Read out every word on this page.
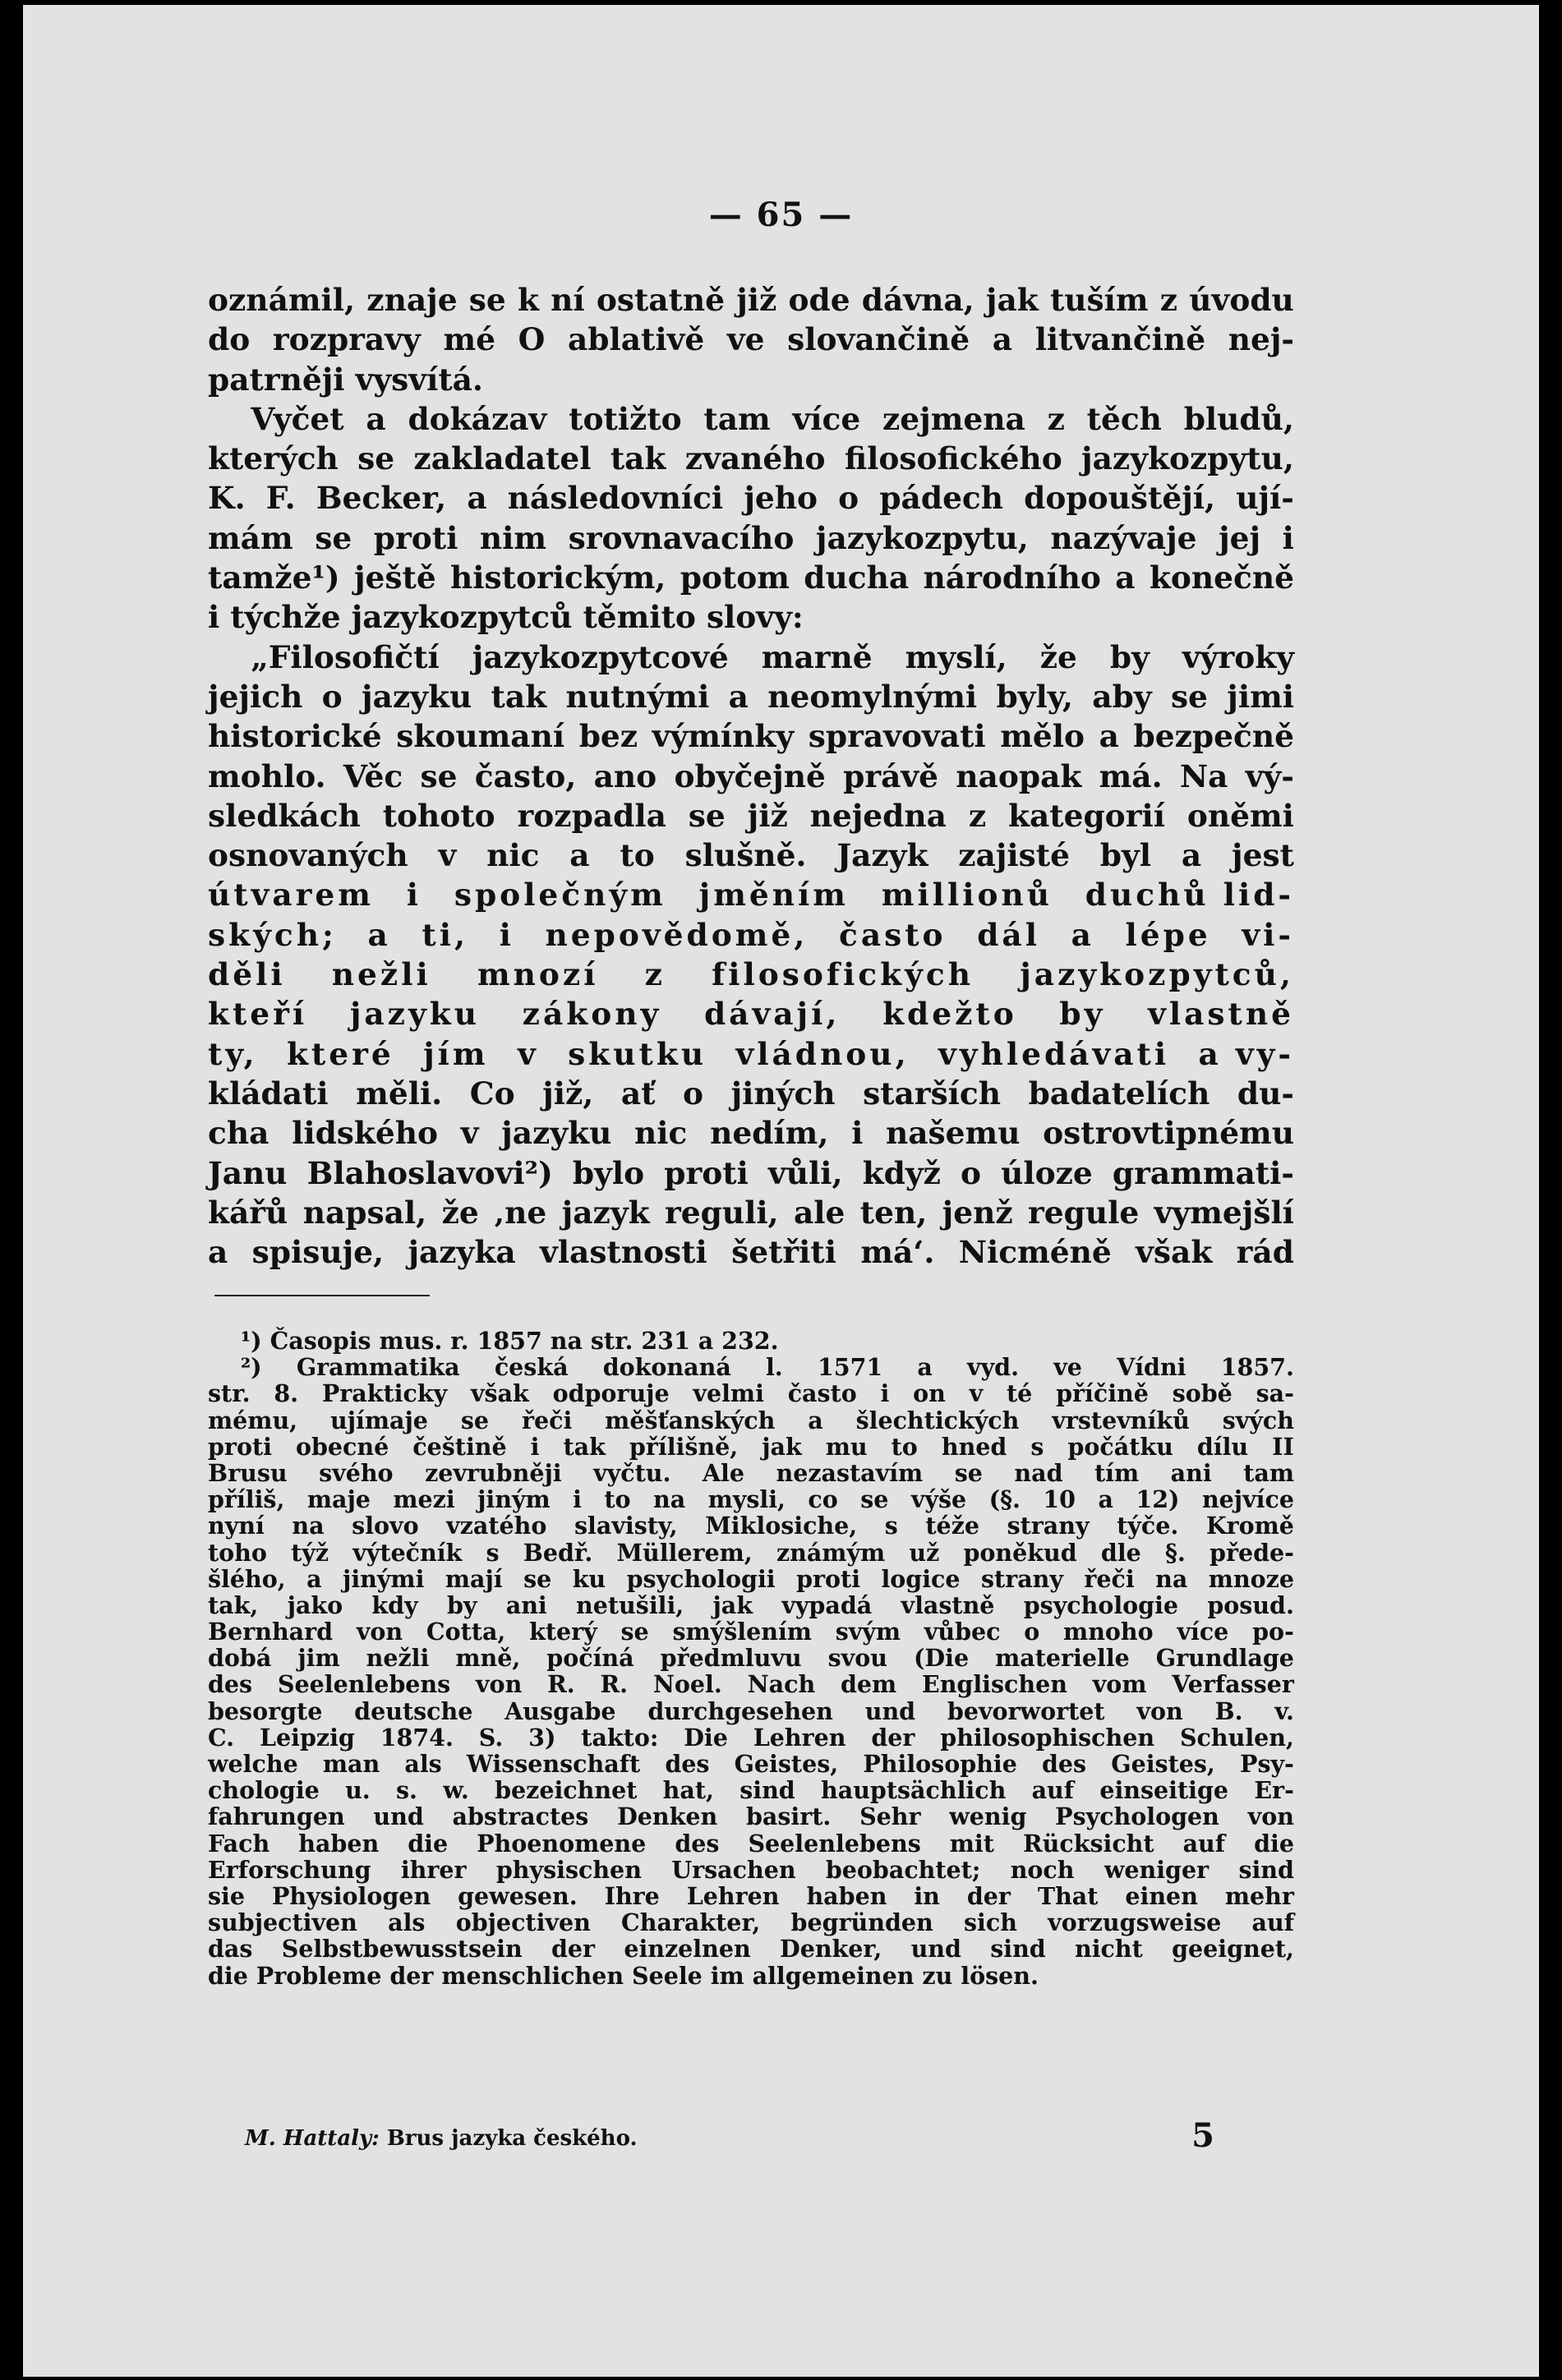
— 65 —
oznámil, znaje se k ní ostatně již ode dávna, jak tuším z úvodu
do rozpravy mé O ablativě ve slovančině a litvančině nej-
patrněji vysvítá.
Vyčet a dokázav totižto tam více zejmena z těch bludů,
kterých se zakladatel tak zvaného filosofického jazykozpytu,
K. F. Becker, a následovníci jeho o pádech dopouštějí, ují-
mám se proti nim srovnavacího jazykozpytu, nazývaje jej i
tamže¹) ještě historickým, potom ducha národního a konečně
i týchže jazykozpytců těmito slovy:
„Filosofičtí jazykozpytcové marně myslí, že by výroky
jejich o jazyku tak nutnými a neomylnými byly, aby se jimi
historické skoumaní bez výmínky spravovati mělo a bezpečně
mohlo. Věc se často, ano obyčejně právě naopak má. Na vý-
sledkách tohoto rozpadla se již nejedna z kategorií oněmi
osnovaných v nic a to slušně. Jazyk zajisté byl a jest
útvarem i společným jměním millionů duchů lid-
ských; a ti, i nepovědomě, často dál a lépe vi-
děli nežli mnozí z filosofických jazykozpytců,
kteří jazyku zákony dávají, kdežto by vlastně
ty, které jím v skutku vládnou, vyhledávati a vy-
kládati měli. Co již, ať o jiných starších badatelích du-
cha lidského v jazyku nic nedím, i našemu ostrovtipnému
Janu Blahoslavovi²) bylo proti vůli, když o úloze grammati-
kářů napsal, že ‚ne jazyk reguli, ale ten, jenž regule vymejšlí
a spisuje, jazyka vlastnosti šetřiti má‘. Nicméně však rád
¹) Časopis mus. r. 1857 na str. 231 a 232.
²) Grammatika česká dokonaná l. 1571 a vyd. ve Vídni 1857.
str. 8. Prakticky však odporuje velmi často i on v té příčině sobě sa-
mému, ujímaje se řeči měšťanských a šlechtických vrstevníků svých
proti obecné češtině i tak přílišně, jak mu to hned s počátku dílu II
Brusu svého zevrubněji vyčtu. Ale nezastavím se nad tím ani tam
příliš, maje mezi jiným i to na mysli, co se výše (§. 10 a 12) nejvíce
nyní na slovo vzatého slavisty, Miklosiche, s téže strany týče. Kromě
toho týž výtečník s Bedř. Müllerem, známým už poněkud dle §. přede-
šlého, a jinými mají se ku psychologii proti logice strany řeči na mnoze
tak, jako kdy by ani netušili, jak vypadá vlastně psychologie posud.
Bernhard von Cotta, který se smýšlením svým vůbec o mnoho více po-
dobá jim nežli mně, počíná předmluvu svou (Die materielle Grundlage
des Seelenlebens von R. R. Noel. Nach dem Englischen vom Verfasser
besorgte deutsche Ausgabe durchgesehen und bevorwortet von B. v.
C. Leipzig 1874. S. 3) takto: Die Lehren der philosophischen Schulen,
welche man als Wissenschaft des Geistes, Philosophie des Geistes, Psy-
chologie u. s. w. bezeichnet hat, sind hauptsächlich auf einseitige Er-
fahrungen und abstractes Denken basirt. Sehr wenig Psychologen von
Fach haben die Phoenomene des Seelenlebens mit Rücksicht auf die
Erforschung ihrer physischen Ursachen beobachtet; noch weniger sind
sie Physiologen gewesen. Ihre Lehren haben in der That einen mehr
subjectiven als objectiven Charakter, begründen sich vorzugsweise auf
das Selbstbewusstsein der einzelnen Denker, und sind nicht geeignet,
die Probleme der menschlichen Seele im allgemeinen zu lösen.
M. Hattaly: Brus jazyka českého.	5
